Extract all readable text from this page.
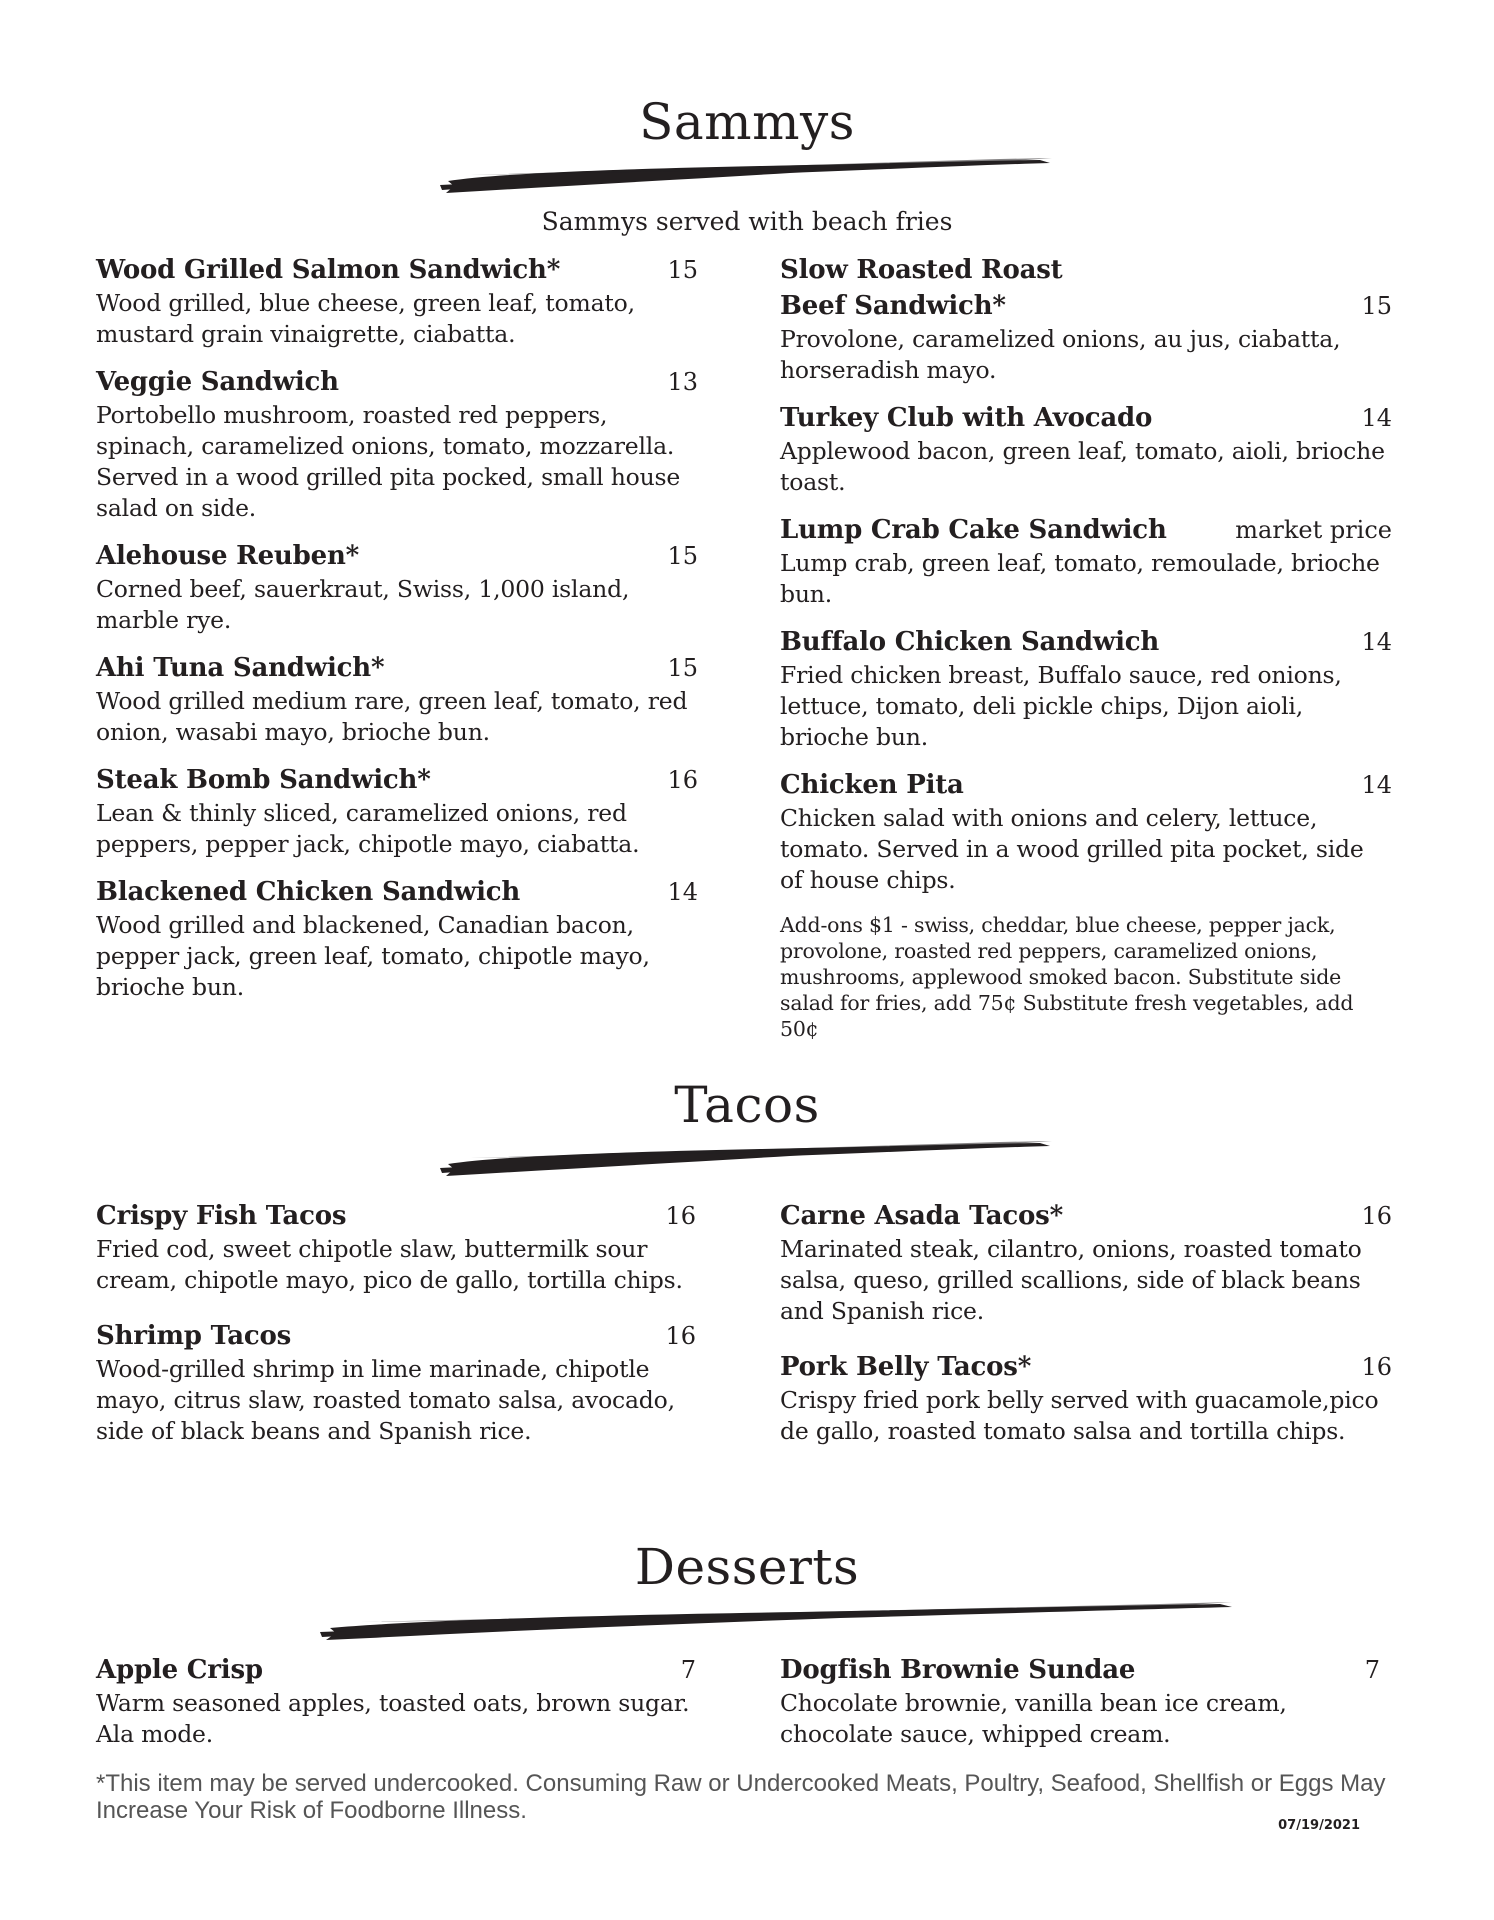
Sammys
Sammys served with beach fries
Wood Grilled Salmon Sandwich*	15
Wood grilled, blue cheese, green leaf, tomato, mustard grain vinaigrette, ciabatta.
Veggie Sandwich	13
Portobello mushroom, roasted red peppers, spinach, caramelized onions, tomato, mozzarella. Served in a wood grilled pita pocked, small house salad on side.
Alehouse Reuben*	15
Corned beef, sauerkraut, Swiss, 1,000 island, marble rye.
Ahi Tuna Sandwich*	15
Wood grilled medium rare, green leaf, tomato, red onion, wasabi mayo, brioche bun.
Steak Bomb Sandwich*	16
Lean & thinly sliced, caramelized onions, red peppers, pepper jack, chipotle mayo, ciabatta.
Blackened Chicken Sandwich	14
Wood grilled and blackened, Canadian bacon, pepper jack, green leaf, tomato, chipotle mayo, brioche bun.
Slow Roasted Roast
Beef Sandwich*	15
Provolone, caramelized onions, au jus, ciabatta, horseradish mayo.
Turkey Club with Avocado	14
Applewood bacon, green leaf, tomato, aioli, brioche toast.
Lump Crab Cake Sandwich	market price
Lump crab, green leaf, tomato, remoulade, brioche bun.
Buffalo Chicken Sandwich	14
Fried chicken breast, Buffalo sauce, red onions, lettuce, tomato, deli pickle chips, Dijon aioli, brioche bun.
Chicken Pita	14
Chicken salad with onions and celery, lettuce, tomato. Served in a wood grilled pita pocket, side of house chips.
Add-ons $1 - swiss, cheddar, blue cheese, pepper jack, provolone, roasted red peppers, caramelized onions, mushrooms, applewood smoked bacon. Substitute side salad for fries, add 75¢ Substitute fresh vegetables, add 50¢
Tacos
Crispy Fish Tacos	16
Fried cod, sweet chipotle slaw, buttermilk sour cream, chipotle mayo, pico de gallo, tortilla chips.
Shrimp Tacos	16
Wood-grilled shrimp in lime marinade, chipotle mayo, citrus slaw, roasted tomato salsa, avocado, side of black beans and Spanish rice.
Carne Asada Tacos*	16
Marinated steak, cilantro, onions, roasted tomato salsa, queso, grilled scallions, side of black beans and Spanish rice.
Pork Belly Tacos*	16
Crispy fried pork belly served with guacamole,pico de gallo, roasted tomato salsa and tortilla chips.
Desserts
Apple Crisp	7
Warm seasoned apples, toasted oats, brown sugar. Ala mode.
Dogfish Brownie Sundae	7
Chocolate brownie, vanilla bean ice cream, chocolate sauce, whipped cream.
*This item may be served undercooked. Consuming Raw or Undercooked Meats, Poultry, Seafood, Shellfish or Eggs May Increase Your Risk of Foodborne Illness.
07/19/2021
